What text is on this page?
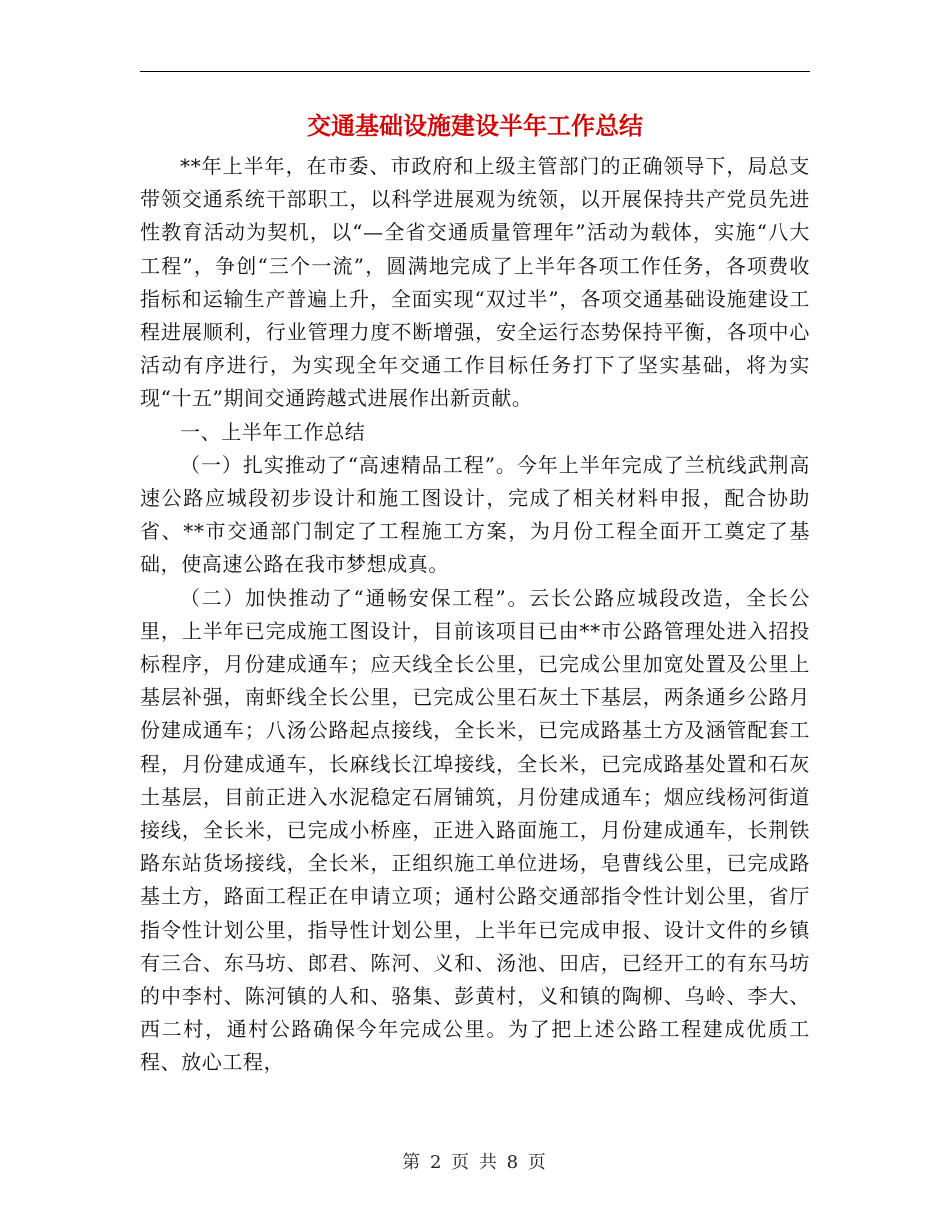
交通基础设施建设半年工作总结

**年上半年，在市委、市政府和上级主管部门的正确领导下，局总支带领交通系统干部职工，以科学进展观为统领，以开展保持共产党员先进性教育活动为契机，以“—全省交通质量管理年”活动为载体，实施“八大工程”，争创“三个一流”，圆满地完成了上半年各项工作任务，各项费收指标和运输生产普遍上升，全面实现“双过半”，各项交通基础设施建设工程进展顺利，行业管理力度不断增强，安全运行态势保持平衡，各项中心活动有序进行，为实现全年交通工作目标任务打下了坚实基础，将为实现“十五”期间交通跨越式进展作出新贡献。

一、上半年工作总结

（一）扎实推动了“高速精品工程”。今年上半年完成了兰杭线武荆高速公路应城段初步设计和施工图设计，完成了相关材料申报，配合协助省、**市交通部门制定了工程施工方案，为月份工程全面开工奠定了基础，使高速公路在我市梦想成真。

（二）加快推动了“通畅安保工程”。云长公路应城段改造，全长公里，上半年已完成施工图设计，目前该项目已由**市公路管理处进入招投标程序，月份建成通车；应天线全长公里，已完成公里加宽处置及公里上基层补强，南虾线全长公里，已完成公里石灰土下基层，两条通乡公路月份建成通车；八汤公路起点接线，全长米，已完成路基土方及涵管配套工程，月份建成通车，长麻线长江埠接线，全长米，已完成路基处置和石灰土基层，目前正进入水泥稳定石屑铺筑，月份建成通车；烟应线杨河街道接线，全长米，已完成小桥座，正进入路面施工，月份建成通车，长荆铁路东站货场接线，全长米，正组织施工单位进场，皂曹线公里，已完成路基土方，路面工程正在申请立项；通村公路交通部指令性计划公里，省厅指令性计划公里，指导性计划公里，上半年已完成申报、设计文件的乡镇有三合、东马坊、郎君、陈河、义和、汤池、田店，已经开工的有东马坊的中李村、陈河镇的人和、骆集、彭黄村，义和镇的陶柳、乌岭、李大、西二村，通村公路确保今年完成公里。为了把上述公路工程建成优质工程、放心工程，

第 2 页 共 8 页
